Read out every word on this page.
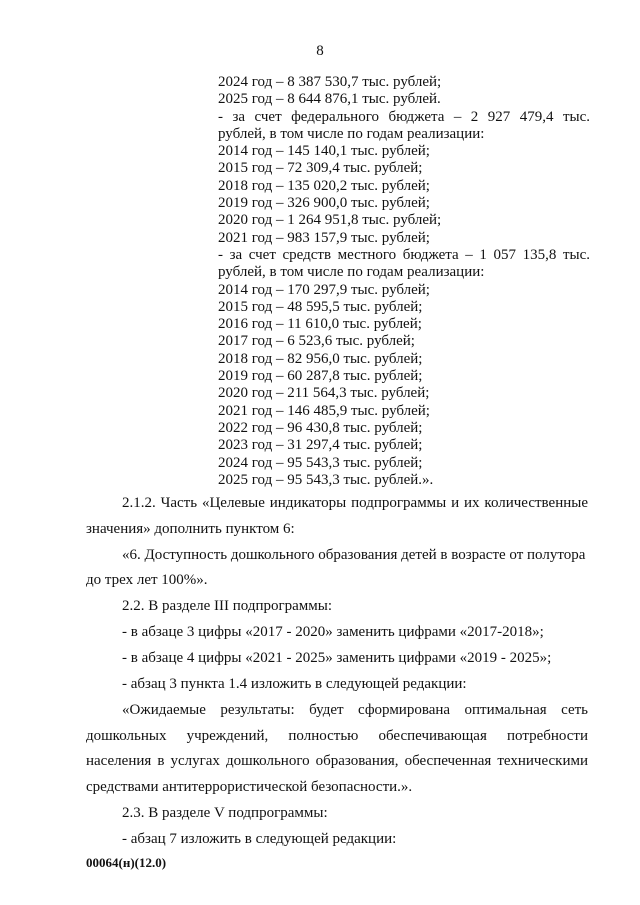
8
2024 год – 8 387 530,7 тыс. рублей;
2025 год – 8 644 876,1 тыс. рублей.
- за счет федерального бюджета – 2 927 479,4 тыс.
рублей, в том числе по годам реализации:
2014 год – 145 140,1 тыс. рублей;
2015 год – 72 309,4 тыс. рублей;
2018 год – 135 020,2 тыс. рублей;
2019 год – 326 900,0 тыс. рублей;
2020 год – 1 264 951,8 тыс. рублей;
2021 год – 983 157,9 тыс. рублей;
- за счет средств местного бюджета – 1 057 135,8 тыс.
рублей, в том числе по годам реализации:
2014 год – 170 297,9 тыс. рублей;
2015 год – 48 595,5 тыс. рублей;
2016 год – 11 610,0 тыс. рублей;
2017 год – 6 523,6 тыс. рублей;
2018 год – 82 956,0 тыс. рублей;
2019 год – 60 287,8 тыс. рублей;
2020 год – 211 564,3 тыс. рублей;
2021 год – 146 485,9 тыс. рублей;
2022 год – 96 430,8 тыс. рублей;
2023 год – 31 297,4 тыс. рублей;
2024 год – 95 543,3 тыс. рублей;
2025 год – 95 543,3 тыс. рублей.».
2.1.2. Часть «Целевые индикаторы подпрограммы и их количественные
значения» дополнить пунктом 6:
«6. Доступность дошкольного образования детей в возрасте от полутора
до трех лет 100%».
2.2. В разделе III подпрограммы:
- в абзаце 3 цифры «2017 - 2020» заменить цифрами «2017-2018»;
- в абзаце 4 цифры «2021 - 2025» заменить цифрами «2019 - 2025»;
- абзац 3 пункта 1.4 изложить в следующей редакции:
«Ожидаемые результаты: будет сформирована оптимальная сеть
дошкольных учреждений, полностью обеспечивающая потребности
населения в услугах дошкольного образования, обеспеченная техническими
средствами антитеррористической безопасности.».
2.3. В разделе V подпрограммы:
- абзац 7 изложить в следующей редакции:
00064(н)(12.0)
